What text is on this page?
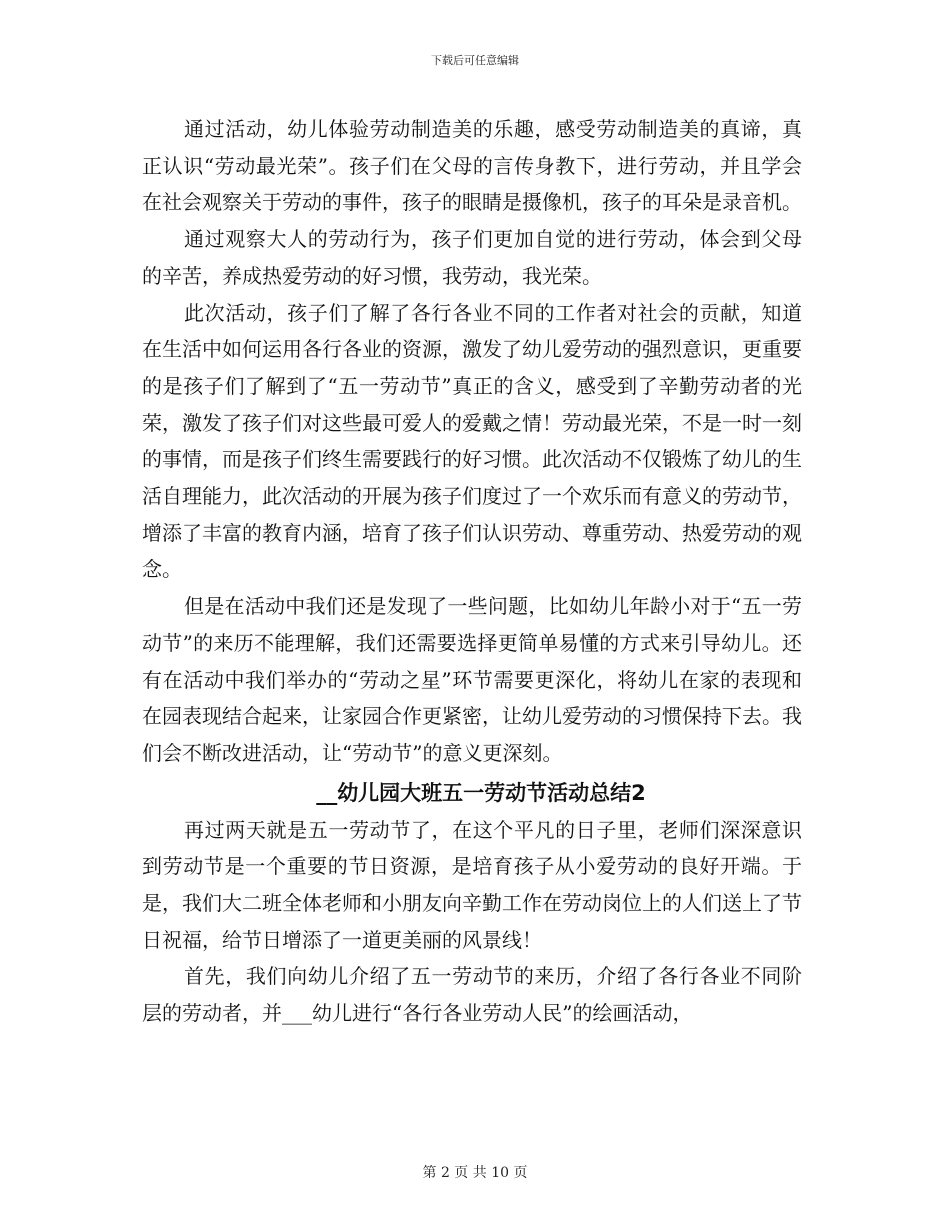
下载后可任意编辑

通过活动，幼儿体验劳动制造美的乐趣，感受劳动制造美的真谛，真正认识“劳动最光荣”。孩子们在父母的言传身教下，进行劳动，并且学会在社会观察关于劳动的事件，孩子的眼睛是摄像机，孩子的耳朵是录音机。

通过观察大人的劳动行为，孩子们更加自觉的进行劳动，体会到父母的辛苦，养成热爱劳动的好习惯，我劳动，我光荣。

此次活动，孩子们了解了各行各业不同的工作者对社会的贡献，知道在生活中如何运用各行各业的资源，激发了幼儿爱劳动的强烈意识，更重要的是孩子们了解到了“五一劳动节”真正的含义，感受到了辛勤劳动者的光荣，激发了孩子们对这些最可爱人的爱戴之情！劳动最光荣，不是一时一刻的事情，而是孩子们终生需要践行的好习惯。此次活动不仅锻炼了幼儿的生活自理能力，此次活动的开展为孩子们度过了一个欢乐而有意义的劳动节，增添了丰富的教育内涵，培育了孩子们认识劳动、尊重劳动、热爱劳动的观念。

但是在活动中我们还是发现了一些问题，比如幼儿年龄小对于“五一劳动节”的来历不能理解，我们还需要选择更简单易懂的方式来引导幼儿。还有在活动中我们举办的“劳动之星”环节需要更深化，将幼儿在家的表现和在园表现结合起来，让家园合作更紧密，让幼儿爱劳动的习惯保持下去。我们会不断改进活动，让“劳动节”的意义更深刻。

__幼儿园大班五一劳动节活动总结2

再过两天就是五一劳动节了，在这个平凡的日子里，老师们深深意识到劳动节是一个重要的节日资源，是培育孩子从小爱劳动的良好开端。于是，我们大二班全体老师和小朋友向辛勤工作在劳动岗位上的人们送上了节日祝福，给节日增添了一道更美丽的风景线！

首先，我们向幼儿介绍了五一劳动节的来历，介绍了各行各业不同阶层的劳动者，并___幼儿进行“各行各业劳动人民”的绘画活动，

第 2 页 共 10 页
